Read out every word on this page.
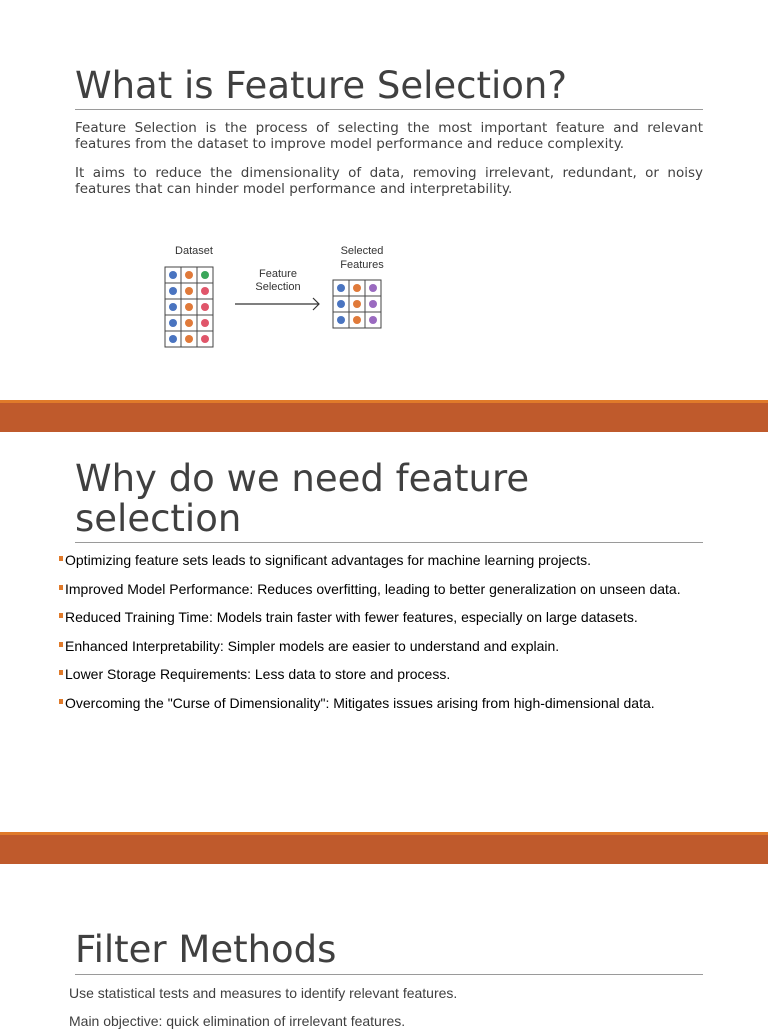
What is Feature Selection?

Feature Selection is the process of selecting the most important feature and relevant features from the dataset to improve model performance and reduce complexity.

It aims to reduce the dimensionality of data, removing irrelevant, redundant, or noisy features that can hinder model performance and interpretability.

Dataset
Feature
Selection
Selected
Features
Why do we need feature
selection
Optimizing feature sets leads to significant advantages for machine learning projects.
Improved Model Performance: Reduces overfitting, leading to better generalization on unseen data.
Reduced Training Time: Models train faster with fewer features, especially on large datasets.
Enhanced Interpretability: Simpler models are easier to understand and explain.
Lower Storage Requirements: Less data to store and process.
Overcoming the "Curse of Dimensionality": Mitigates issues arising from high-dimensional data.
Filter Methods

Use statistical tests and measures to identify relevant features.

Main objective: quick elimination of irrelevant features.
